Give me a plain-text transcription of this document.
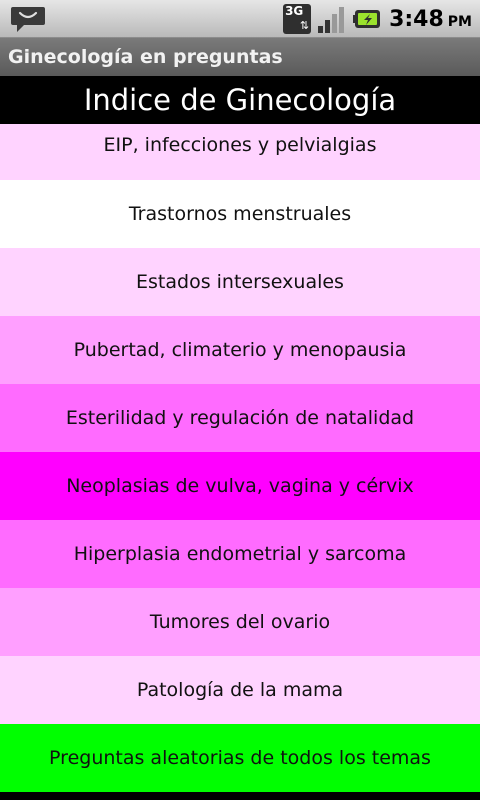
3G
⇅	3:48 PM
Ginecología en preguntas
Indice de Ginecología
EIP, infecciones y pelvialgias
Trastornos menstruales
Estados intersexuales
Pubertad, climaterio y menopausia
Esterilidad y regulación de natalidad
Neoplasias de vulva, vagina y cérvix
Hiperplasia endometrial y sarcoma
Tumores del ovario
Patología de la mama
Preguntas aleatorias de todos los temas
